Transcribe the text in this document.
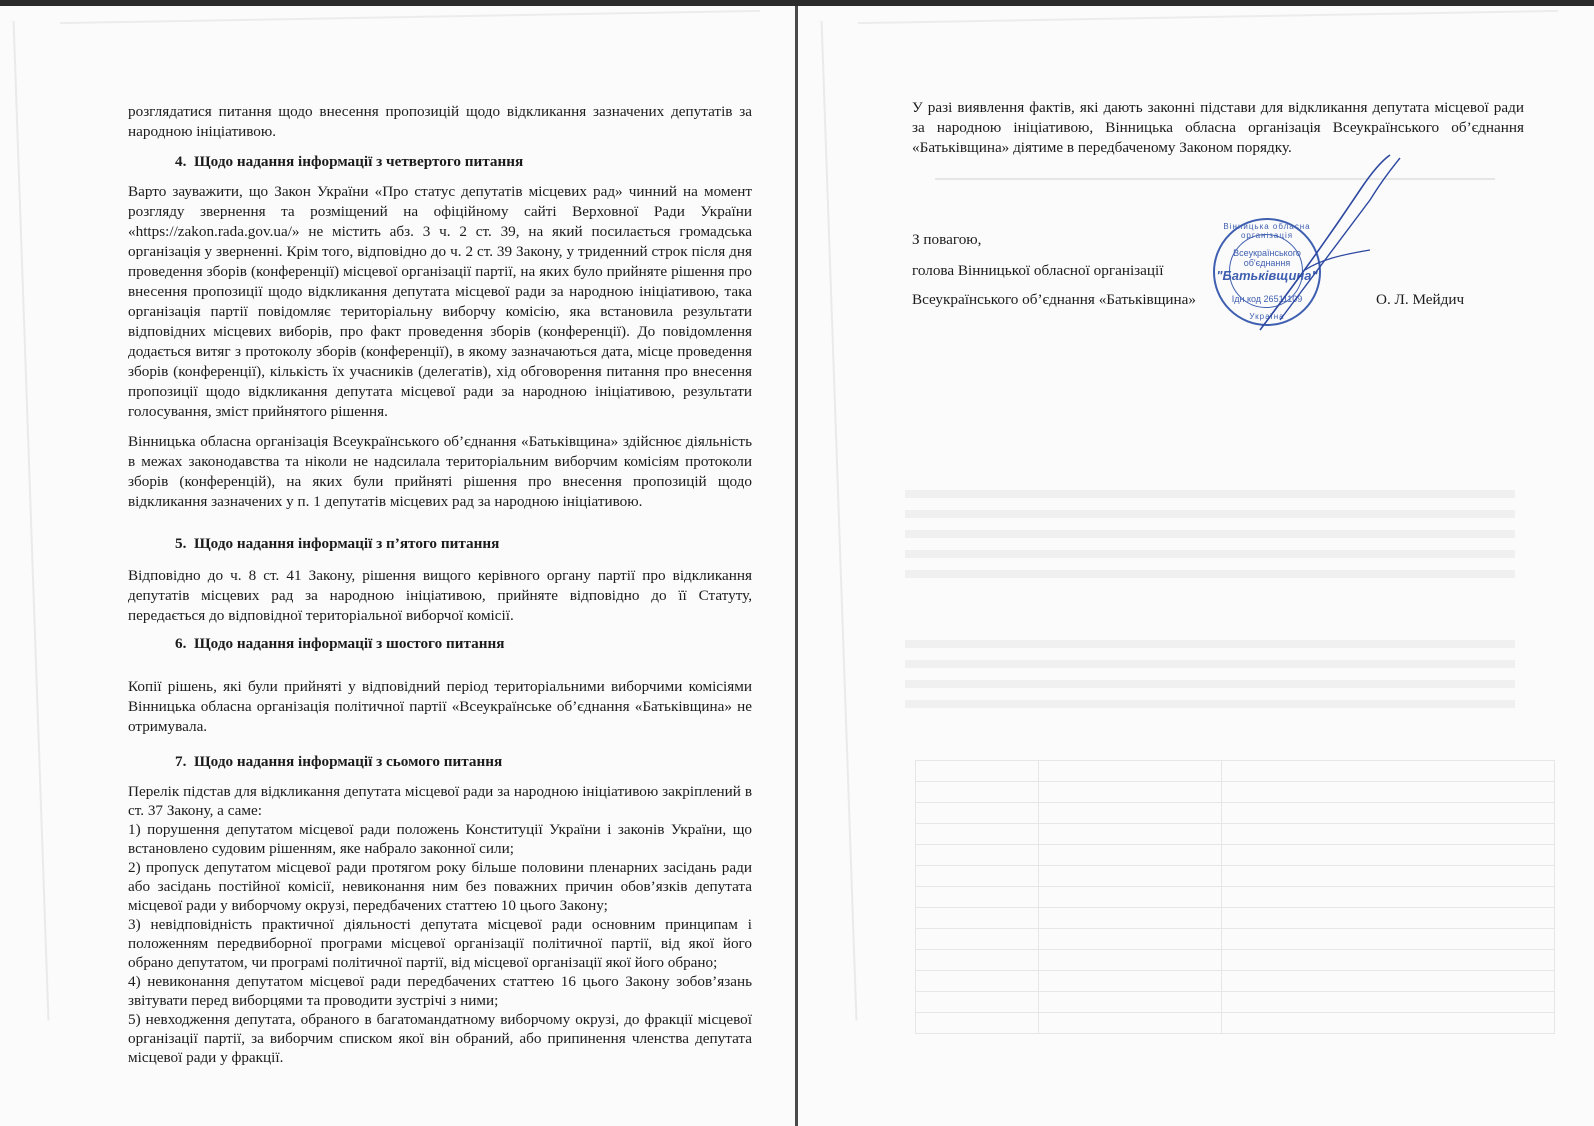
розглядатися питання щодо внесення пропозицій щодо відкликання зазначених депутатів за народною ініціативою.

4.  Щодо надання інформації з четвертого питання

Варто зауважити, що Закон України «Про статус депутатів місцевих рад» чинний на момент розгляду звернення та розміщений на офіційному сайті Верховної Ради України «https://zakon.rada.gov.ua/» не містить абз. 3 ч. 2 ст. 39, на який посилається громадська організація у зверненні. Крім того, відповідно до ч. 2 ст. 39 Закону, у триденний строк після дня проведення зборів (конференції) місцевої організації партії, на яких було прийняте рішення про внесення пропозиції щодо відкликання депутата місцевої ради за народною ініціативою, така організація партії повідомляє територіальну виборчу комісію, яка встановила результати відповідних місцевих виборів, про факт проведення зборів (конференції). До повідомлення додається витяг з протоколу зборів (конференції), в якому зазначаються дата, місце проведення зборів (конференції), кількість їх учасників (делегатів), хід обговорення питання про внесення пропозиції щодо відкликання депутата місцевої ради за народною ініціативою, результати голосування, зміст прийнятого рішення.

Вінницька обласна організація Всеукраїнського об’єднання «Батьківщина» здійснює діяльність в межах законодавства та ніколи не надсилала територіальним виборчим комісіям протоколи зборів (конференцій), на яких були прийняті рішення про внесення пропозицій щодо відкликання зазначених у п. 1 депутатів місцевих рад за народною ініціативою.

5.  Щодо надання інформації з п’ятого питання

Відповідно до ч. 8 ст. 41 Закону, рішення вищого керівного органу партії про відкликання депутатів місцевих рад за народною ініціативою, прийняте відповідно до її Статуту, передається до відповідної територіальної виборчої комісії.

6.  Щодо надання інформації з шостого питання

Копії рішень, які були прийняті у відповідний період територіальними виборчими комісіями Вінницька обласна організація політичної партії «Всеукраїнське об’єднання «Батьківщина» не отримувала.

7.  Щодо надання інформації з сьомого питання

Перелік підстав для відкликання депутата місцевої ради за народною ініціативою закріплений в ст. 37 Закону, а саме:

1) порушення депутатом місцевої ради положень Конституції України і законів України, що встановлено судовим рішенням, яке набрало законної сили;

2) пропуск депутатом місцевої ради протягом року більше половини пленарних засідань ради або засідань постійної комісії, невиконання ним без поважних причин обов’язків депутата місцевої ради у виборчому окрузі, передбачених статтею 10 цього Закону;

3) невідповідність практичної діяльності депутата місцевої ради основним принципам і положенням передвиборної програми місцевої організації політичної партії, від якої його обрано депутатом, чи програмі політичної партії, від місцевої організації якої його обрано;

4) невиконання депутатом місцевої ради передбачених статтею 16 цього Закону зобов’язань звітувати перед виборцями та проводити зустрічі з ними;

5) невходження депутата, обраного в багатомандатному виборчому окрузі, до фракції місцевої організації партії, за виборчим списком якої він обраний, або припинення членства депутата місцевої ради у фракції.

У разі виявлення фактів, які дають законні підстави для відкликання депутата місцевої ради за народною ініціативою, Вінницька обласна організація Всеукраїнського об’єднання «Батьківщина» діятиме в передбаченому Законом порядку.

З повагою,

голова Вінницької обласної організації

Всеукраїнського об’єднання «Батьківщина»	О. Л. Мейдич

Вінницька обласна організація
Всеукраїнського об'єднання
"Батьківщина"
Ідн.код 26511109
Україна
